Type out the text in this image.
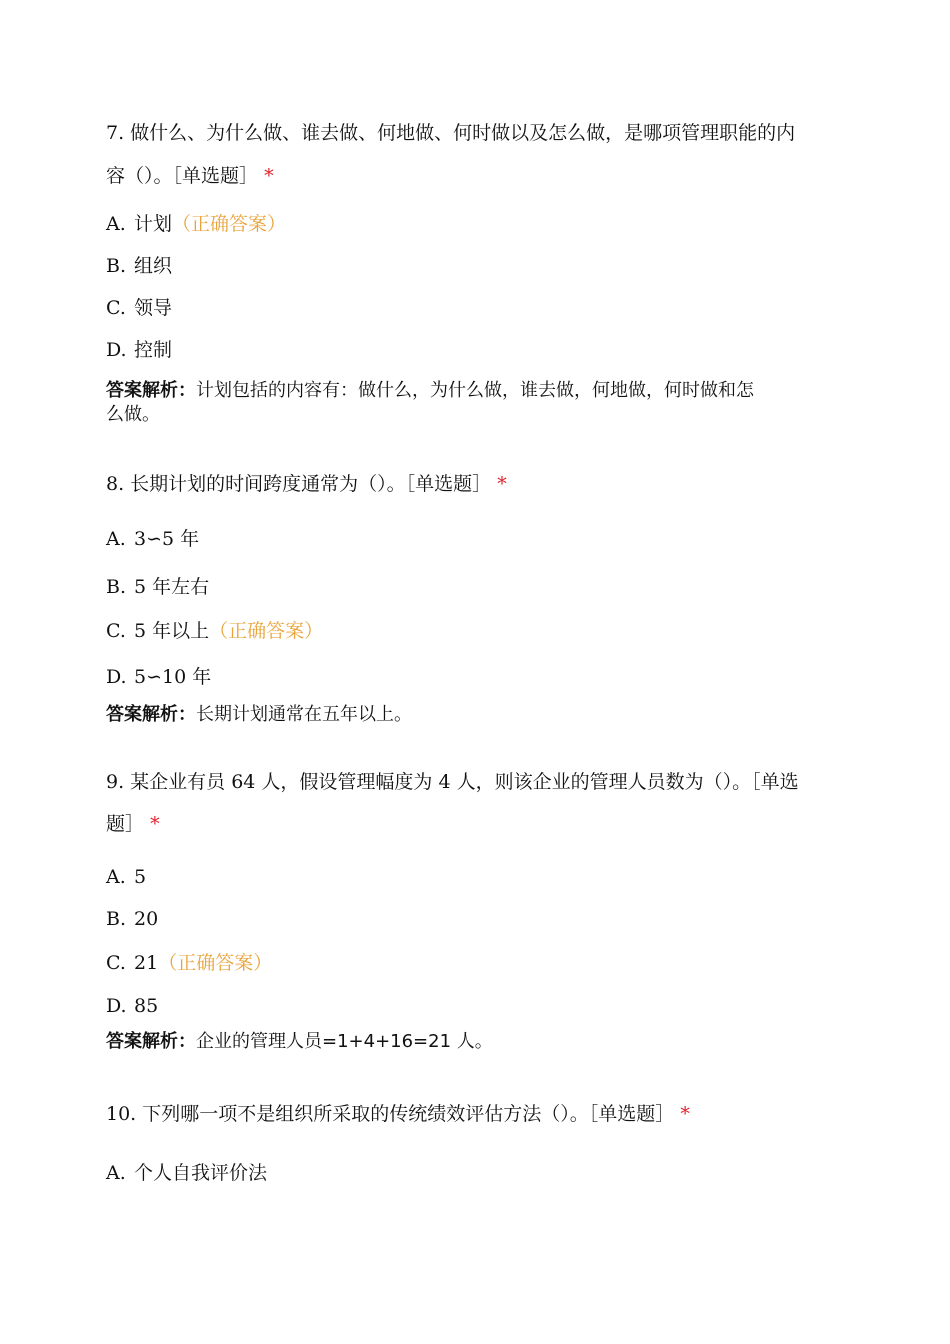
7. 做什么、为什么做、谁去做、何地做、何时做以及怎么做，是哪项管理职能的内
容（）。［单选题］ *
A. 计划（正确答案）
B. 组织
C. 领导
D. 控制
答案解析：计划包括的内容有：做什么，为什么做，谁去做，何地做，何时做和怎
么做。
8. 长期计划的时间跨度通常为（）。［单选题］ *
A. 3∽5 年
B. 5 年左右
C. 5 年以上（正确答案）
D. 5∽10 年
答案解析：长期计划通常在五年以上。
9. 某企业有员 64 人，假设管理幅度为 4 人，则该企业的管理人员数为（）。［单选
题］ *
A. 5
B. 20
C. 21（正确答案）
D. 85
答案解析：企业的管理人员=1+4+16=21 人。
10. 下列哪一项不是组织所采取的传统绩效评估方法（）。［单选题］ *
A. 个人自我评价法
